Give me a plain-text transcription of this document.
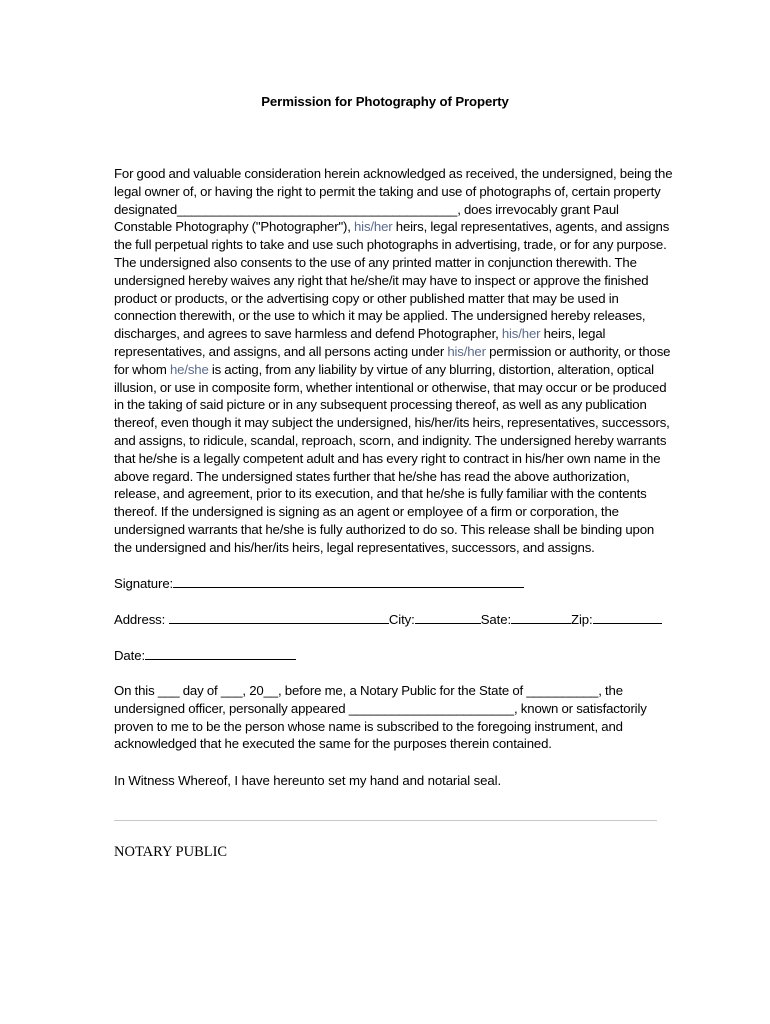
Permission for Photography of Property
For good and valuable consideration herein acknowledged as received, the undersigned, being the
legal owner of, or having the right to permit the taking and use of photographs of, certain property
designated_______________________________________, does irrevocably grant Paul
Constable Photography ("Photographer"), his/her heirs, legal representatives, agents, and assigns
the full perpetual rights to take and use such photographs in advertising, trade, or for any purpose.
The undersigned also consents to the use of any printed matter in conjunction therewith. The
undersigned hereby waives any right that he/she/it may have to inspect or approve the finished
product or products, or the advertising copy or other published matter that may be used in
connection therewith, or the use to which it may be applied. The undersigned hereby releases,
discharges, and agrees to save harmless and defend Photographer, his/her heirs, legal
representatives, and assigns, and all persons acting under his/her permission or authority, or those
for whom he/she is acting, from any liability by virtue of any blurring, distortion, alteration, optical
illusion, or use in composite form, whether intentional or otherwise, that may occur or be produced
in the taking of said picture or in any subsequent processing thereof, as well as any publication
thereof, even though it may subject the undersigned, his/her/its heirs, representatives, successors,
and assigns, to ridicule, scandal, reproach, scorn, and indignity. The undersigned hereby warrants
that he/she is a legally competent adult and has every right to contract in his/her own name in the
above regard. The undersigned states further that he/she has read the above authorization,
release, and agreement, prior to its execution, and that he/she is fully familiar with the contents
thereof. If the undersigned is signing as an agent or employee of a firm or corporation, the
undersigned warrants that he/she is fully authorized to do so. This release shall be binding upon
the undersigned and his/her/its heirs, legal representatives, successors, and assigns.
Signature:
Address:	City:	Sate:	Zip:
Date:
On this ___ day of ___, 20__, before me, a Notary Public for the State of __________, the
undersigned officer, personally appeared _______________________, known or satisfactorily
proven to me to be the person whose name is subscribed to the foregoing instrument, and
acknowledged that he executed the same for the purposes therein contained.
In Witness Whereof, I have hereunto set my hand and notarial seal.
NOTARY PUBLIC
